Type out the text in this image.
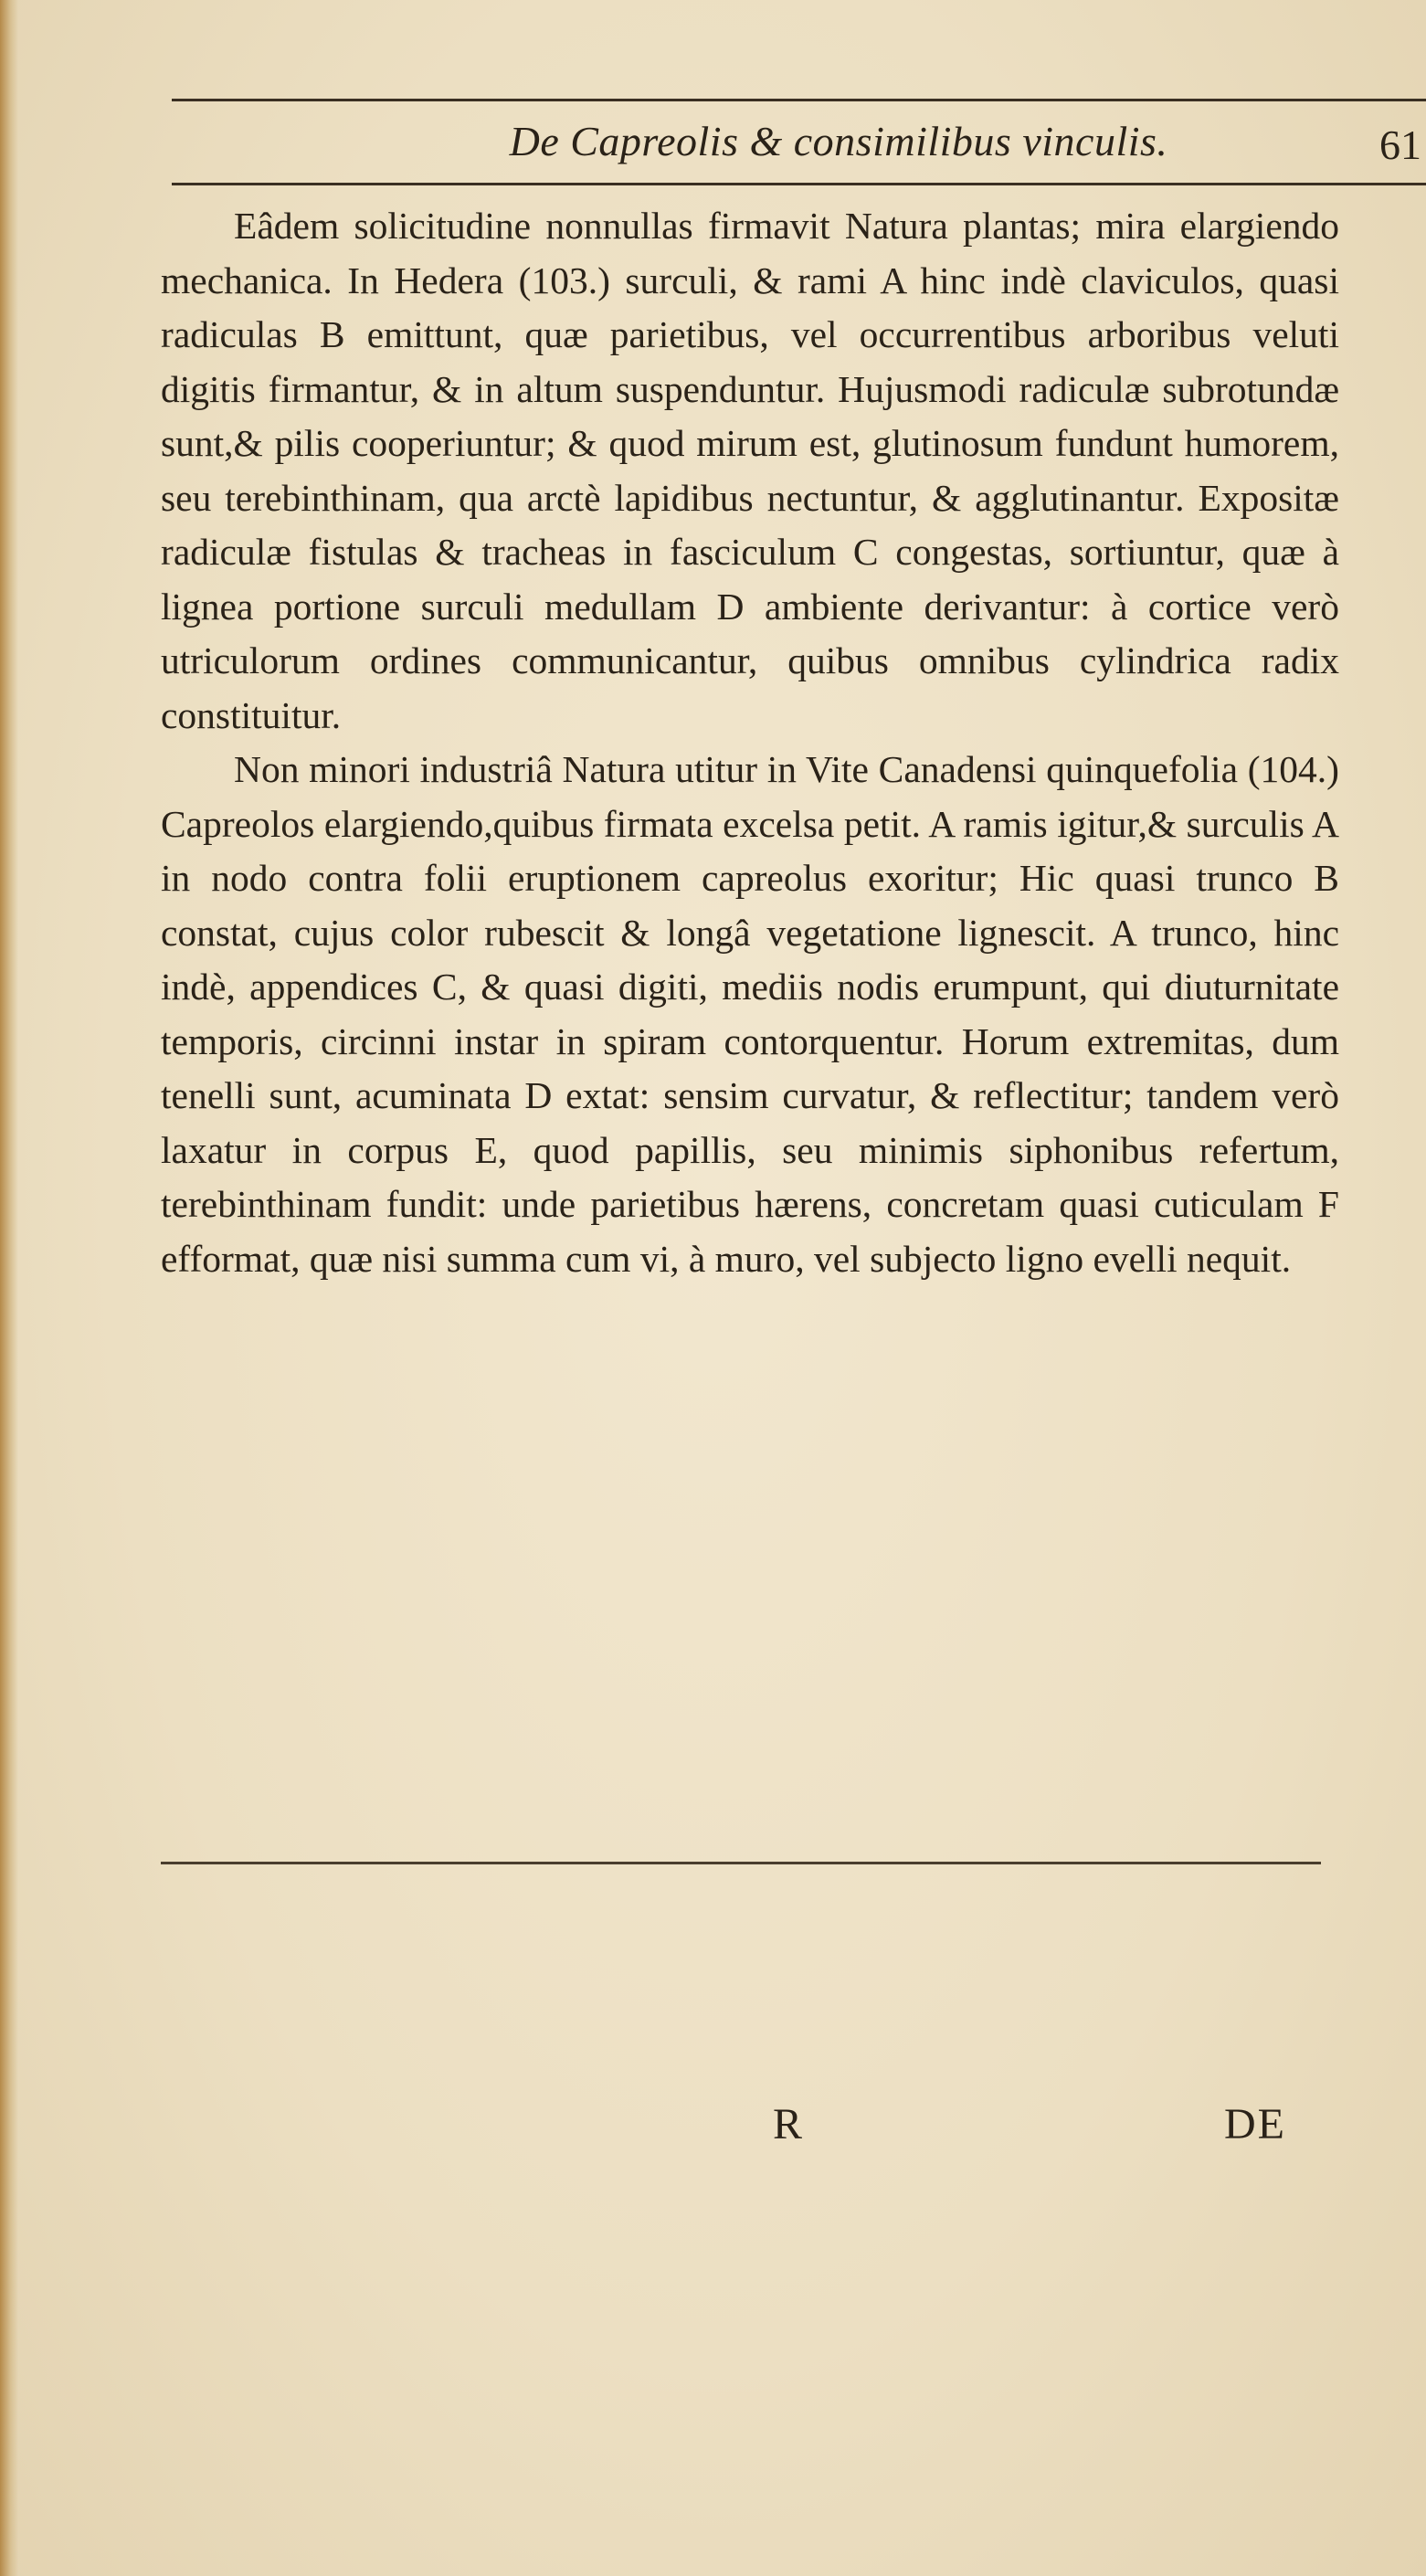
De Capreolis & consimilibus vinculis.	61

Eâdem solicitudine nonnullas firmavit Natura plantas; mira elargiendo mechanica. In Hedera (103.) surculi, & rami A hinc indè claviculos, quasi radiculas B emittunt, quæ parietibus, vel occurrentibus arboribus veluti digitis firmantur, & in altum suspenduntur. Hujusmodi radiculæ subrotundæ sunt,& pilis cooperiuntur; & quod mirum est, glutinosum fundunt humorem, seu terebinthinam, qua arctè lapidibus nectuntur, & agglutinantur. Expositæ radiculæ fistulas & tracheas in fasciculum C congestas, sortiuntur, quæ à lignea portione surculi medullam D ambiente derivantur: à cortice verò utriculorum ordines communicantur, quibus omnibus cylindrica radix constituitur.

Non minori industriâ Natura utitur in Vite Canadensi quinquefolia (104.) Capreolos elargiendo,quibus firmata excelsa petit. A ramis igitur,& surculis A in nodo contra folii eruptionem capreolus exoritur; Hic quasi trunco B constat, cujus color rubescit & longâ vegetatione lignescit. A trunco, hinc indè, appendices C, & quasi digiti, mediis nodis erumpunt, qui diuturnitate temporis, circinni instar in spiram contorquentur. Horum extremitas, dum tenelli sunt, acuminata D extat: sensim curvatur, & reflectitur; tandem verò laxatur in corpus E, quod papillis, seu minimis siphonibus refertum, terebinthinam fundit: unde parietibus hærens, concretam quasi cuticulam F efformat, quæ nisi summa cum vi, à muro, vel subjecto ligno evelli nequit.

R	DE
